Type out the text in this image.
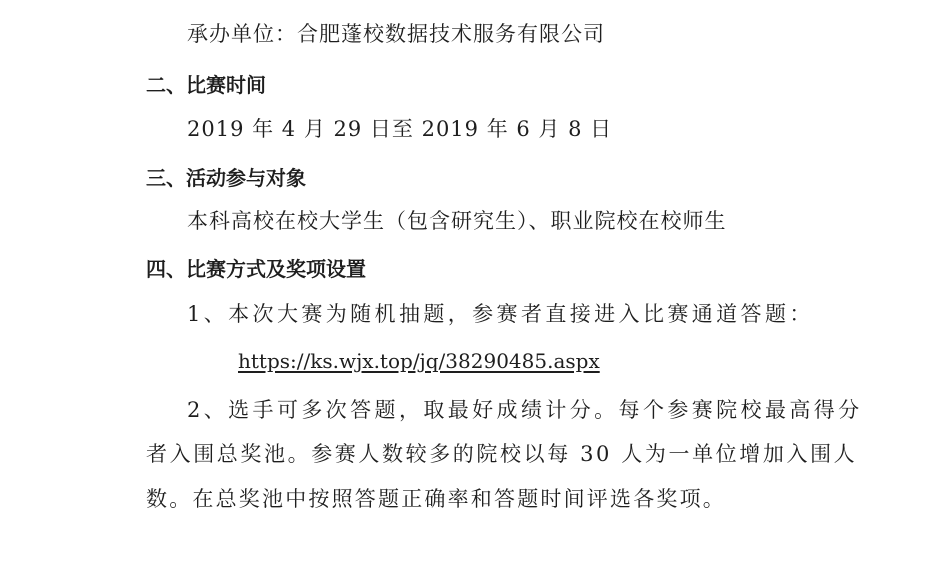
承办单位：合肥蓬校数据技术服务有限公司
二、比赛时间
2019 年 4 月 29 日至 2019 年 6 月 8 日
三、活动参与对象
本科高校在校大学生（包含研究生）、职业院校在校师生
四、比赛方式及奖项设置
1、本次大赛为随机抽题，参赛者直接进入比赛通道答题：
https://ks.wjx.top/jq/38290485.aspx
2、选手可多次答题，取最好成绩计分。每个参赛院校最高得分
者入围总奖池。参赛人数较多的院校以每 30 人为一单位增加入围人
数。在总奖池中按照答题正确率和答题时间评选各奖项。
